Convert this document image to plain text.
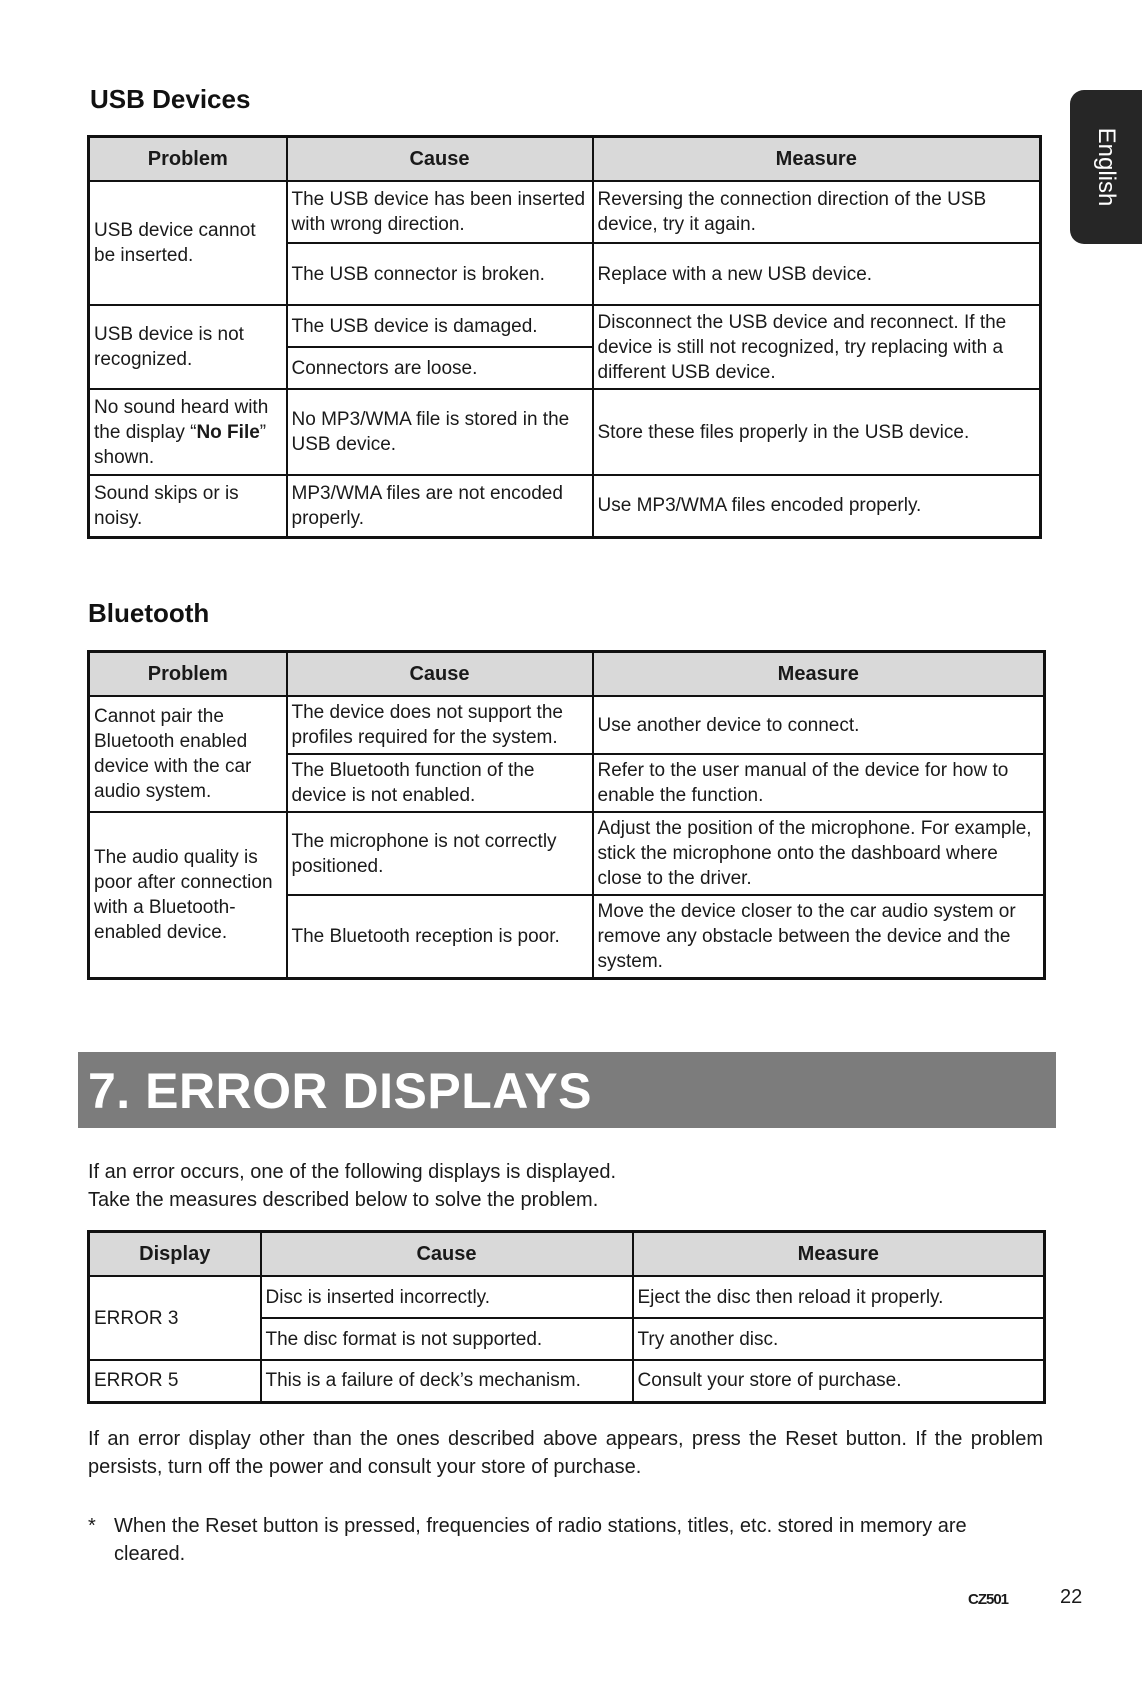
English
USB Devices
Problem	Cause	Measure
USB device cannot be inserted.	The USB device has been inserted with wrong direction.	Reversing the connection direction of the USB device, try it again.
	The USB connector is broken.	Replace with a new USB device.
USB device is not recognized.	The USB device is damaged.	Disconnect the USB device and reconnect. If the device is still not recognized, try replacing with a different USB device.
	Connectors are loose.	
No sound heard with the display “No File” shown.	No MP3/WMA file is stored in the USB device.	Store these files properly in the USB device.
Sound skips or is noisy.	MP3/WMA files are not encoded properly.	Use MP3/WMA files encoded properly.
Bluetooth
Problem	Cause	Measure
Cannot pair the Bluetooth enabled device with the car audio system.	The device does not support the profiles required for the system.	Use another device to connect.
	The Bluetooth function of the device is not enabled.	Refer to the user manual of the device for how to enable the function.
The audio quality is poor after connection with a Bluetooth-enabled device.	The microphone is not correctly positioned.	Adjust the position of the microphone. For example, stick the microphone onto the dashboard where close to the driver.
	The Bluetooth reception is poor.	Move the device closer to the car audio system or remove any obstacle between the device and the system.
7. ERROR DISPLAYS
If an error occurs, one of the following displays is displayed.
Take the measures described below to solve the problem.
Display	Cause	Measure
ERROR 3	Disc is inserted incorrectly.	Eject the disc then reload it properly.
	The disc format is not supported.	Try another disc.
ERROR 5	This is a failure of deck’s mechanism.	Consult your store of purchase.
If an error display other than the ones described above appears, press the Reset button. If the problem persists, turn off the power and consult your store of purchase.
* When the Reset button is pressed, frequencies of radio stations, titles, etc. stored in memory are cleared.
CZ501	22
